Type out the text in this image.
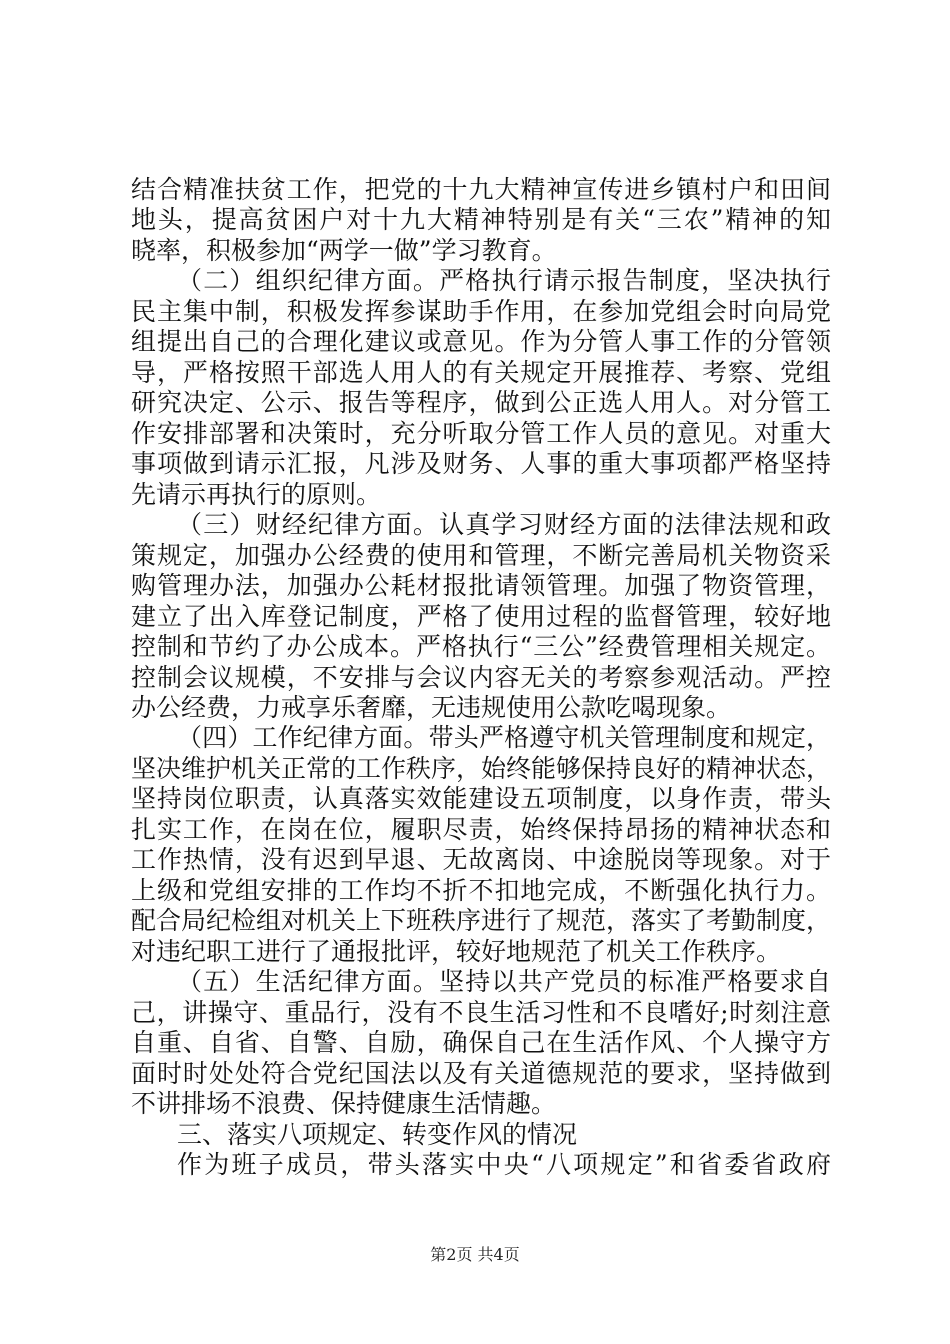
结合精准扶贫工作，把党的十九大精神宣传进乡镇村户和田间
地头，提高贫困户对十九大精神特别是有关“三农”精神的知
晓率，积极参加“两学一做”学习教育。
（二）组织纪律方面。严格执行请示报告制度，坚决执行
民主集中制，积极发挥参谋助手作用，在参加党组会时向局党
组提出自己的合理化建议或意见。作为分管人事工作的分管领
导，严格按照干部选人用人的有关规定开展推荐、考察、党组
研究决定、公示、报告等程序，做到公正选人用人。对分管工
作安排部署和决策时，充分听取分管工作人员的意见。对重大
事项做到请示汇报，凡涉及财务、人事的重大事项都严格坚持
先请示再执行的原则。
（三）财经纪律方面。认真学习财经方面的法律法规和政
策规定，加强办公经费的使用和管理，不断完善局机关物资采
购管理办法，加强办公耗材报批请领管理。加强了物资管理，
建立了出入库登记制度，严格了使用过程的监督管理，较好地
控制和节约了办公成本。严格执行“三公”经费管理相关规定。
控制会议规模，不安排与会议内容无关的考察参观活动。严控
办公经费，力戒享乐奢靡，无违规使用公款吃喝现象。
（四）工作纪律方面。带头严格遵守机关管理制度和规定，
坚决维护机关正常的工作秩序，始终能够保持良好的精神状态，
坚持岗位职责，认真落实效能建设五项制度，以身作责，带头
扎实工作，在岗在位，履职尽责，始终保持昂扬的精神状态和
工作热情，没有迟到早退、无故离岗、中途脱岗等现象。对于
上级和党组安排的工作均不折不扣地完成，不断强化执行力。
配合局纪检组对机关上下班秩序进行了规范，落实了考勤制度，
对违纪职工进行了通报批评，较好地规范了机关工作秩序。
（五）生活纪律方面。坚持以共产党员的标准严格要求自
己，讲操守、重品行，没有不良生活习性和不良嗜好;时刻注意
自重、自省、自警、自励，确保自己在生活作风、个人操守方
面时时处处符合党纪国法以及有关道德规范的要求，坚持做到
不讲排场不浪费、保持健康生活情趣。
三、落实八项规定、转变作风的情况
作为班子成员，带头落实中央“八项规定”和省委省政府
第2页 共4页
